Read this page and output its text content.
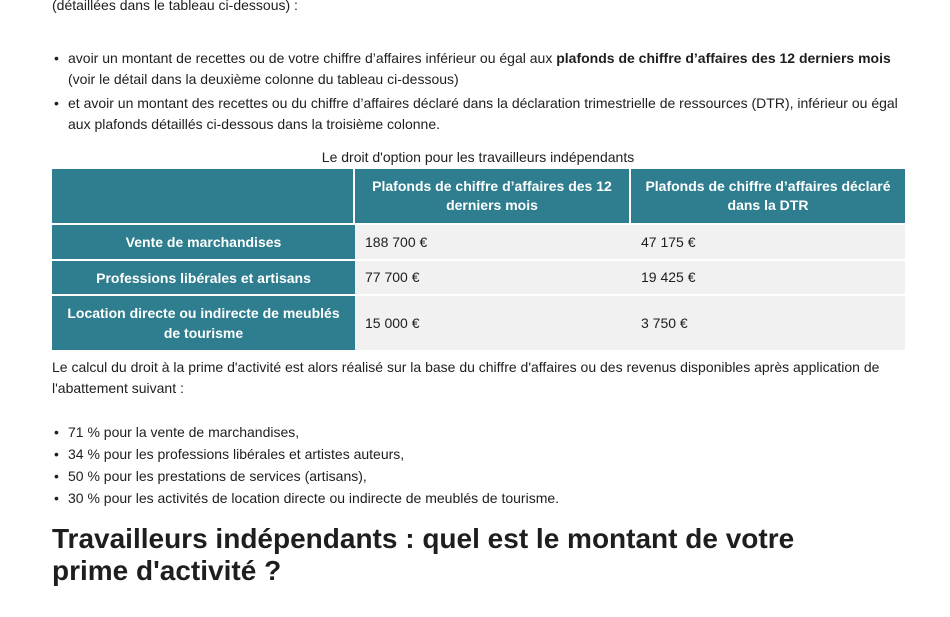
(détaillées dans le tableau ci-dessous) :

• avoir un montant de recettes ou de votre chiffre d’affaires inférieur ou égal aux plafonds de chiffre d’affaires des 12 derniers mois (voir le détail dans la deuxième colonne du tableau ci-dessous)
• et avoir un montant des recettes ou du chiffre d’affaires déclaré dans la déclaration trimestrielle de ressources (DTR), inférieur ou égal aux plafonds détaillés ci-dessous dans la troisième colonne.
Le droit d'option pour les travailleurs indépendants
	Plafonds de chiffre d’affaires des 12 derniers mois	Plafonds de chiffre d’affaires déclaré dans la DTR
Vente de marchandises	188 700 €	47 175 €
Professions libérales et artisans	77 700 €	19 425 €
Location directe ou indirecte de meublés de tourisme	15 000 €	3 750 €

Le calcul du droit à la prime d'activité est alors réalisé sur la base du chiffre d'affaires ou des revenus disponibles après application de l'abattement suivant :

• 71 % pour la vente de marchandises,
• 34 % pour les professions libérales et artistes auteurs,
• 50 % pour les prestations de services (artisans),
• 30 % pour les activités de location directe ou indirecte de meublés de tourisme.
Travailleurs indépendants : quel est le montant de votre prime d'activité ?
